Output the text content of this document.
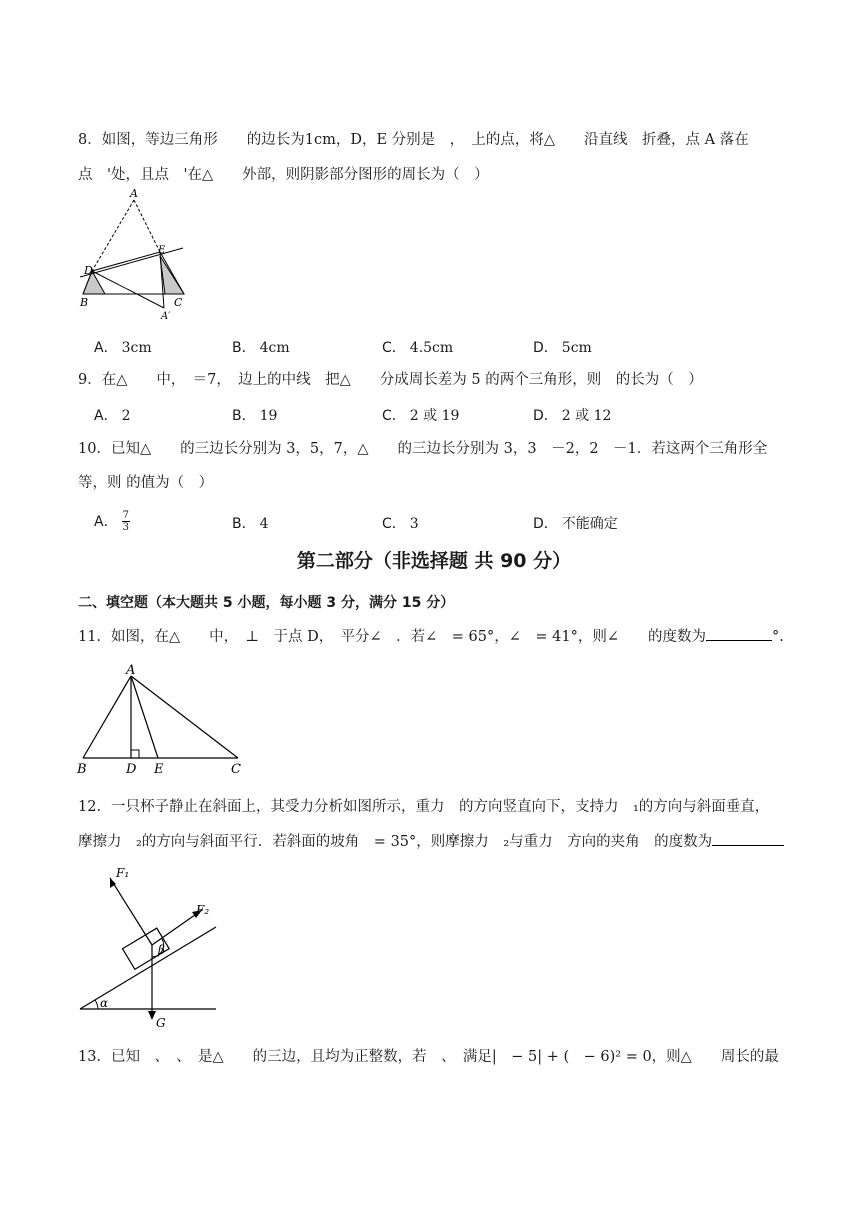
8．如图，等边三角形　　的边长为1cm，D，E 分别是　，　上的点，将△　　沿直线　折叠，点 A 落在
点　'处，且点　'在△　　外部，则阴影部分图形的周长为（　）
A
B	C
D
E
A′
A． 3cm	B． 4cm	C． 4.5cm	D． 5cm
9．在△　　中，　＝7，　边上的中线　把△　　分成周长差为 5 的两个三角形，则　的长为（　）
A． 2	B． 19	C． 2 或 19	D． 2 或 12
10．已知△　　的三边长分别为 3，5，7，△　　的三边长分别为 3，3　－2，2　－1．若这两个三角形全
等，则 的值为（　）
A． $\frac{7}{3}$	B． 4	C． 3	D． 不能确定
第二部分（非选择题 共 90 分）
二、填空题（本大题共 5 小题，每小题 3 分，满分 15 分）
11．如图，在△　　中，　⊥　于点 D，　平分∠　．若∠　= 65°，∠　= 41°，则∠　　的度数为	°.
A
B	D E	C
12．一只杯子静止在斜面上，其受力分析如图所示，重力　的方向竖直向下，支持力　₁的方向与斜面垂直，
摩擦力　₂的方向与斜面平行．若斜面的坡角　= 35°，则摩擦力　₂与重力　方向的夹角　的度数为
F₁
F₂
G
α
β
13．已知　、　、　是△　　的三边，且均为正整数，若　、　满足|　− 5| + (　− 6)² = 0，则△　　周长的最
